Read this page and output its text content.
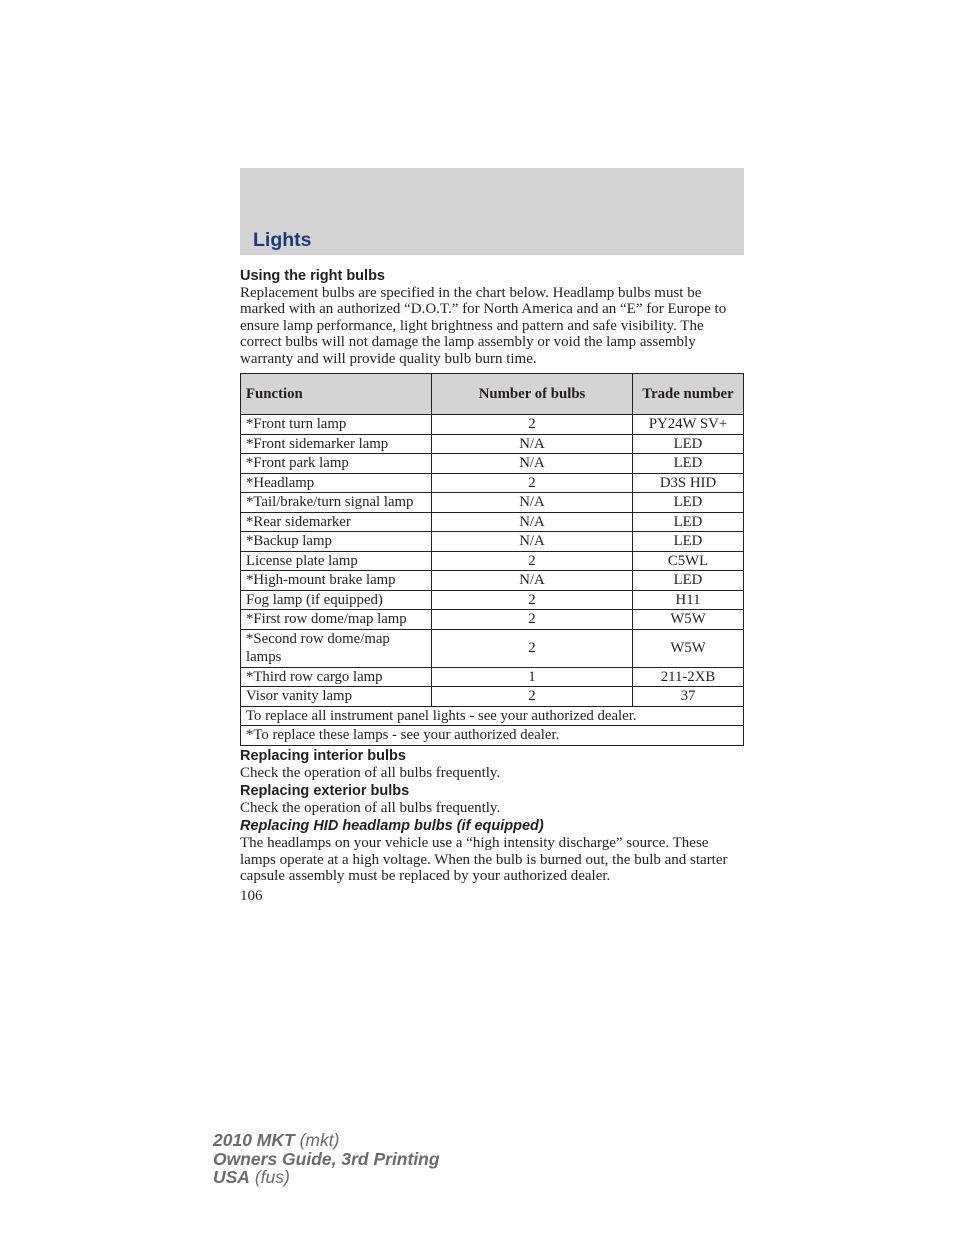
Lights
Using the right bulbs

Replacement bulbs are specified in the chart below. Headlamp bulbs must be marked with an authorized “D.O.T.” for North America and an “E” for Europe to ensure lamp performance, light brightness and pattern and safe visibility. The correct bulbs will not damage the lamp assembly or void the lamp assembly warranty and will provide quality bulb burn time.

Function	Number of bulbs	Trade number
*Front turn lamp	2	PY24W SV+
*Front sidemarker lamp	N/A	LED
*Front park lamp	N/A	LED
*Headlamp	2	D3S HID
*Tail/brake/turn signal lamp	N/A	LED
*Rear sidemarker	N/A	LED
*Backup lamp	N/A	LED
License plate lamp	2	C5WL
*High-mount brake lamp	N/A	LED
Fog lamp (if equipped)	2	H11
*First row dome/map lamp	2	W5W
*Second row dome/map lamps	2	W5W
*Third row cargo lamp	1	211-2XB
Visor vanity lamp	2	37
To replace all instrument panel lights - see your authorized dealer.		
*To replace these lamps - see your authorized dealer.		
Replacing interior bulbs

Check the operation of all bulbs frequently.

Replacing exterior bulbs

Check the operation of all bulbs frequently.

Replacing HID headlamp bulbs (if equipped)

The headlamps on your vehicle use a “high intensity discharge” source. These lamps operate at a high voltage. When the bulb is burned out, the bulb and starter capsule assembly must be replaced by your authorized dealer.

106
2010 MKT (mkt)
Owners Guide, 3rd Printing
USA (fus)
